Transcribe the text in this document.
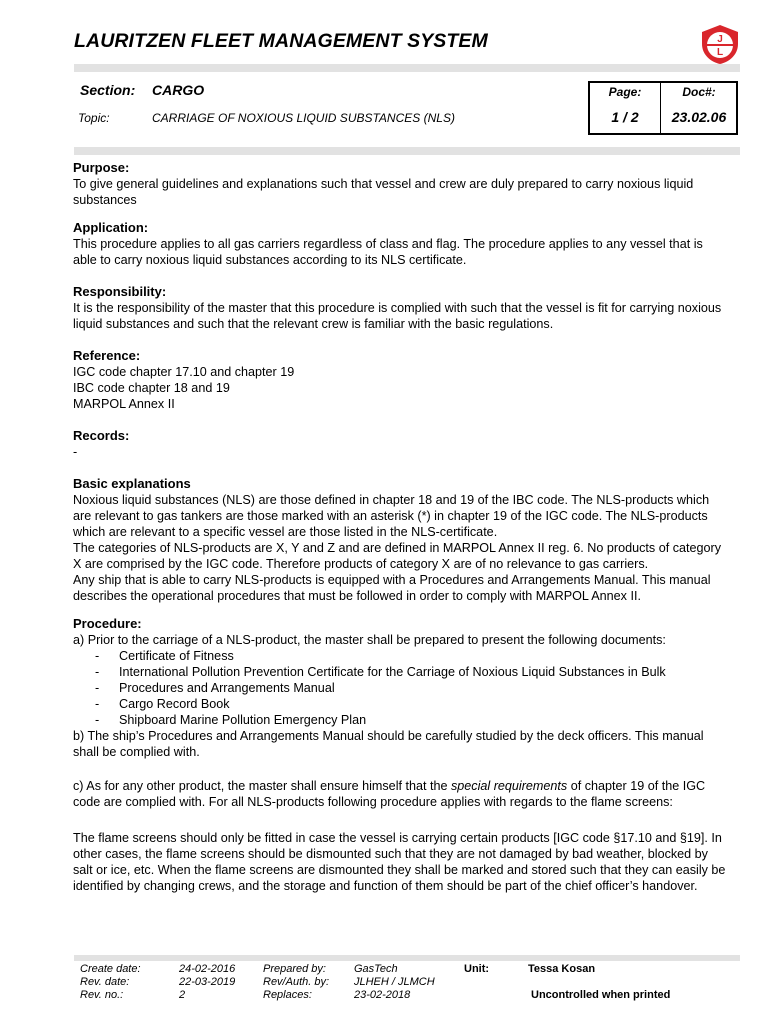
LAURITZEN FLEET MANAGEMENT SYSTEM	J
L
Section: CARGO
Topic:	CARRIAGE OF NOXIOUS LIQUID SUBSTANCES (NLS)
Page:
1 / 2
Doc#:
23.02.06
Purpose:

To give general guidelines and explanations such that vessel and crew are duly prepared to carry noxious liquid substances

Application:

This procedure applies to all gas carriers regardless of class and flag. The procedure applies to any vessel that is able to carry noxious liquid substances according to its NLS certificate.

Responsibility:

It is the responsibility of the master that this procedure is complied with such that the vessel is fit for carrying noxious liquid substances and such that the relevant crew is familiar with the basic regulations.

Reference:

IGC code chapter 17.10 and chapter 19

IBC code chapter 18 and 19

MARPOL Annex II

Records:

-

Basic explanations

Noxious liquid substances (NLS) are those defined in chapter 18 and 19 of the IBC code. The NLS-products which are relevant to gas tankers are those marked with an asterisk (*) in chapter 19 of the IGC code. The NLS-products which are relevant to a specific vessel are those listed in the NLS-certificate.

The categories of NLS-products are X, Y and Z and are defined in MARPOL Annex II reg. 6. No products of category X are comprised by the IGC code. Therefore products of category X are of no relevance to gas carriers.

Any ship that is able to carry NLS-products is equipped with a Procedures and Arrangements Manual. This manual describes the operational procedures that must be followed in order to comply with MARPOL Annex II.

Procedure:

a) Prior to the carriage of a NLS-product, the master shall be prepared to present the following documents:

- Certificate of Fitness
- International Pollution Prevention Certificate for the Carriage of Noxious Liquid Substances in Bulk
- Procedures and Arrangements Manual
- Cargo Record Book
- Shipboard Marine Pollution Emergency Plan

b) The ship’s Procedures and Arrangements Manual should be carefully studied by the deck officers. This manual shall be complied with.

c) As for any other product, the master shall ensure himself that the special requirements of chapter 19 of the IGC code are complied with. For all NLS-products following procedure applies with regards to the flame screens:

The flame screens should only be fitted in case the vessel is carrying certain products [IGC code §17.10 and §19]. In other cases, the flame screens should be dismounted such that they are not damaged by bad weather, blocked by salt or ice, etc. When the flame screens are dismounted they shall be marked and stored such that they can easily be identified by changing crews, and the storage and function of them should be part of the chief officer’s handover.

Create date:	24-02-2016	Prepared by:	GasTech	Unit:	Tessa Kosan
Rev. date:	22-03-2019	Rev/Auth. by: JLHEH / JLMCH
Rev. no.:	2	Replaces:	23-02-2018	Uncontrolled when printed
